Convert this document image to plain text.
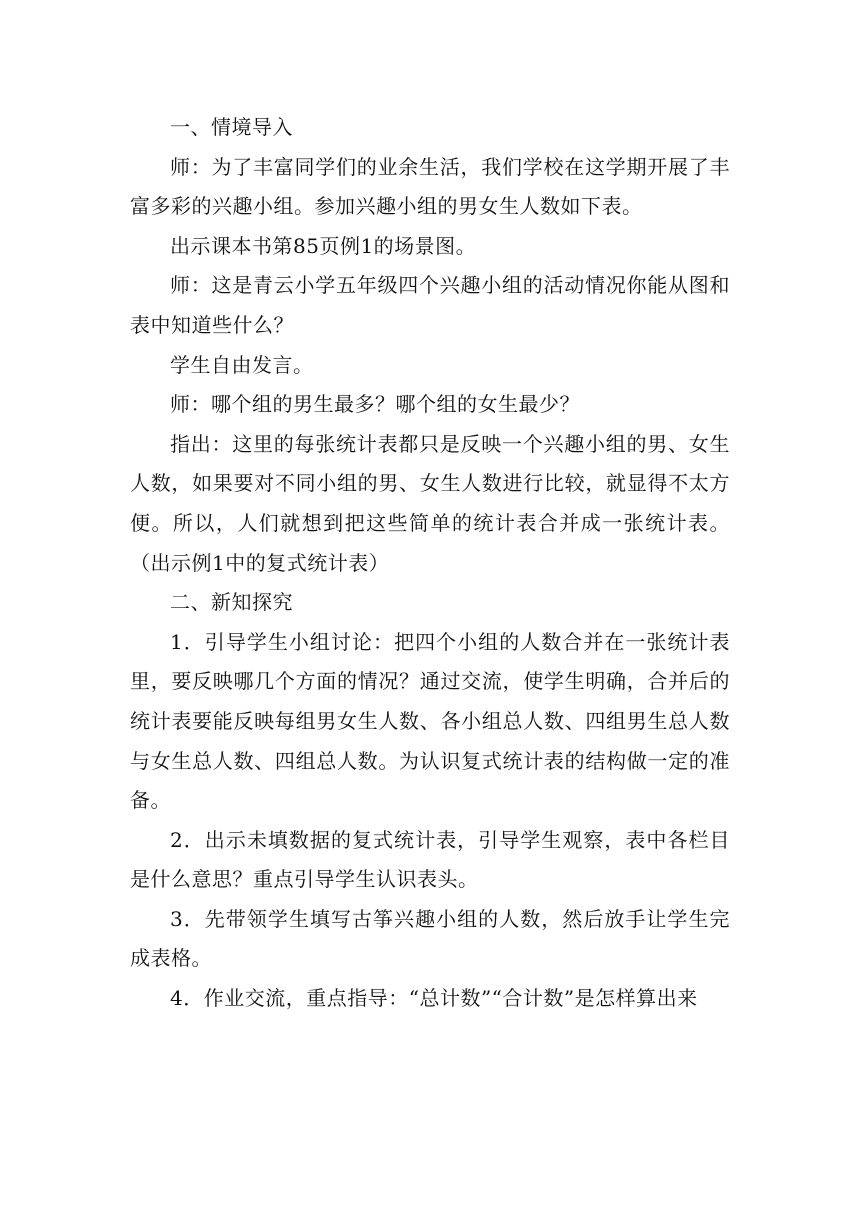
一、情境导入

师：为了丰富同学们的业余生活，我们学校在这学期开展了丰富多彩的兴趣小组。参加兴趣小组的男女生人数如下表。

出示课本书第85页例1的场景图。

师：这是青云小学五年级四个兴趣小组的活动情况你能从图和表中知道些什么？

学生自由发言。

师：哪个组的男生最多？哪个组的女生最少？

指出：这里的每张统计表都只是反映一个兴趣小组的男、女生人数，如果要对不同小组的男、女生人数进行比较，就显得不太方便。所以，人们就想到把这些简单的统计表合并成一张统计表。（出示例1中的复式统计表）

二、新知探究

1．引导学生小组讨论：把四个小组的人数合并在一张统计表里，要反映哪几个方面的情况？通过交流，使学生明确，合并后的统计表要能反映每组男女生人数、各小组总人数、四组男生总人数与女生总人数、四组总人数。为认识复式统计表的结构做一定的准备。

2．出示未填数据的复式统计表，引导学生观察，表中各栏目是什么意思？重点引导学生认识表头。

3．先带领学生填写古筝兴趣小组的人数，然后放手让学生完成表格。

4．作业交流，重点指导：“总计数”“合计数”是怎样算出来
